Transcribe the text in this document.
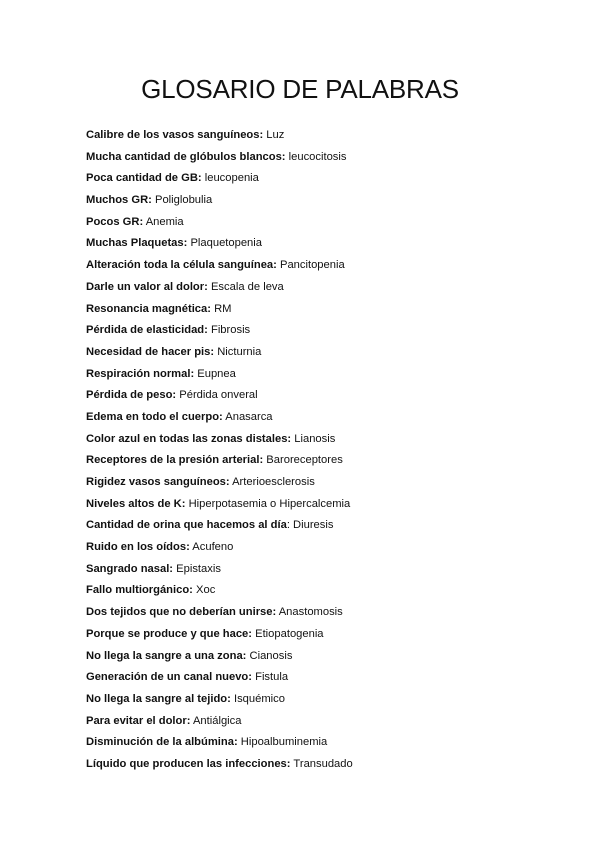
GLOSARIO DE PALABRAS
Calibre de los vasos sanguíneos: Luz
Mucha cantidad de glóbulos blancos: leucocitosis
Poca cantidad de GB: leucopenia
Muchos GR: Poliglobulia
Pocos GR: Anemia
Muchas Plaquetas: Plaquetopenia
Alteración toda la célula sanguínea: Pancitopenia
Darle un valor al dolor: Escala de leva
Resonancia magnética: RM
Pérdida de elasticidad: Fibrosis
Necesidad de hacer pis: Nicturnia
Respiración normal: Eupnea
Pérdida de peso: Pérdida onveral
Edema en todo el cuerpo: Anasarca
Color azul en todas las zonas distales: Lianosis
Receptores de la presión arterial: Baroreceptores
Rigidez vasos sanguíneos: Arterioesclerosis
Niveles altos de K: Hiperpotasemia o Hipercalcemia
Cantidad de orina que hacemos al día: Diuresis
Ruido en los oídos: Acufeno
Sangrado nasal: Epistaxis
Fallo multiorgánico: Xoc
Dos tejidos que no deberían unirse: Anastomosis
Porque se produce y que hace: Etiopatogenia
No llega la sangre a una zona: Cianosis
Generación de un canal nuevo: Fistula
No llega la sangre al tejido: Isquémico
Para evitar el dolor: Antiálgica
Disminución de la albúmina: Hipoalbuminemia
Líquido que producen las infecciones: Transudado
